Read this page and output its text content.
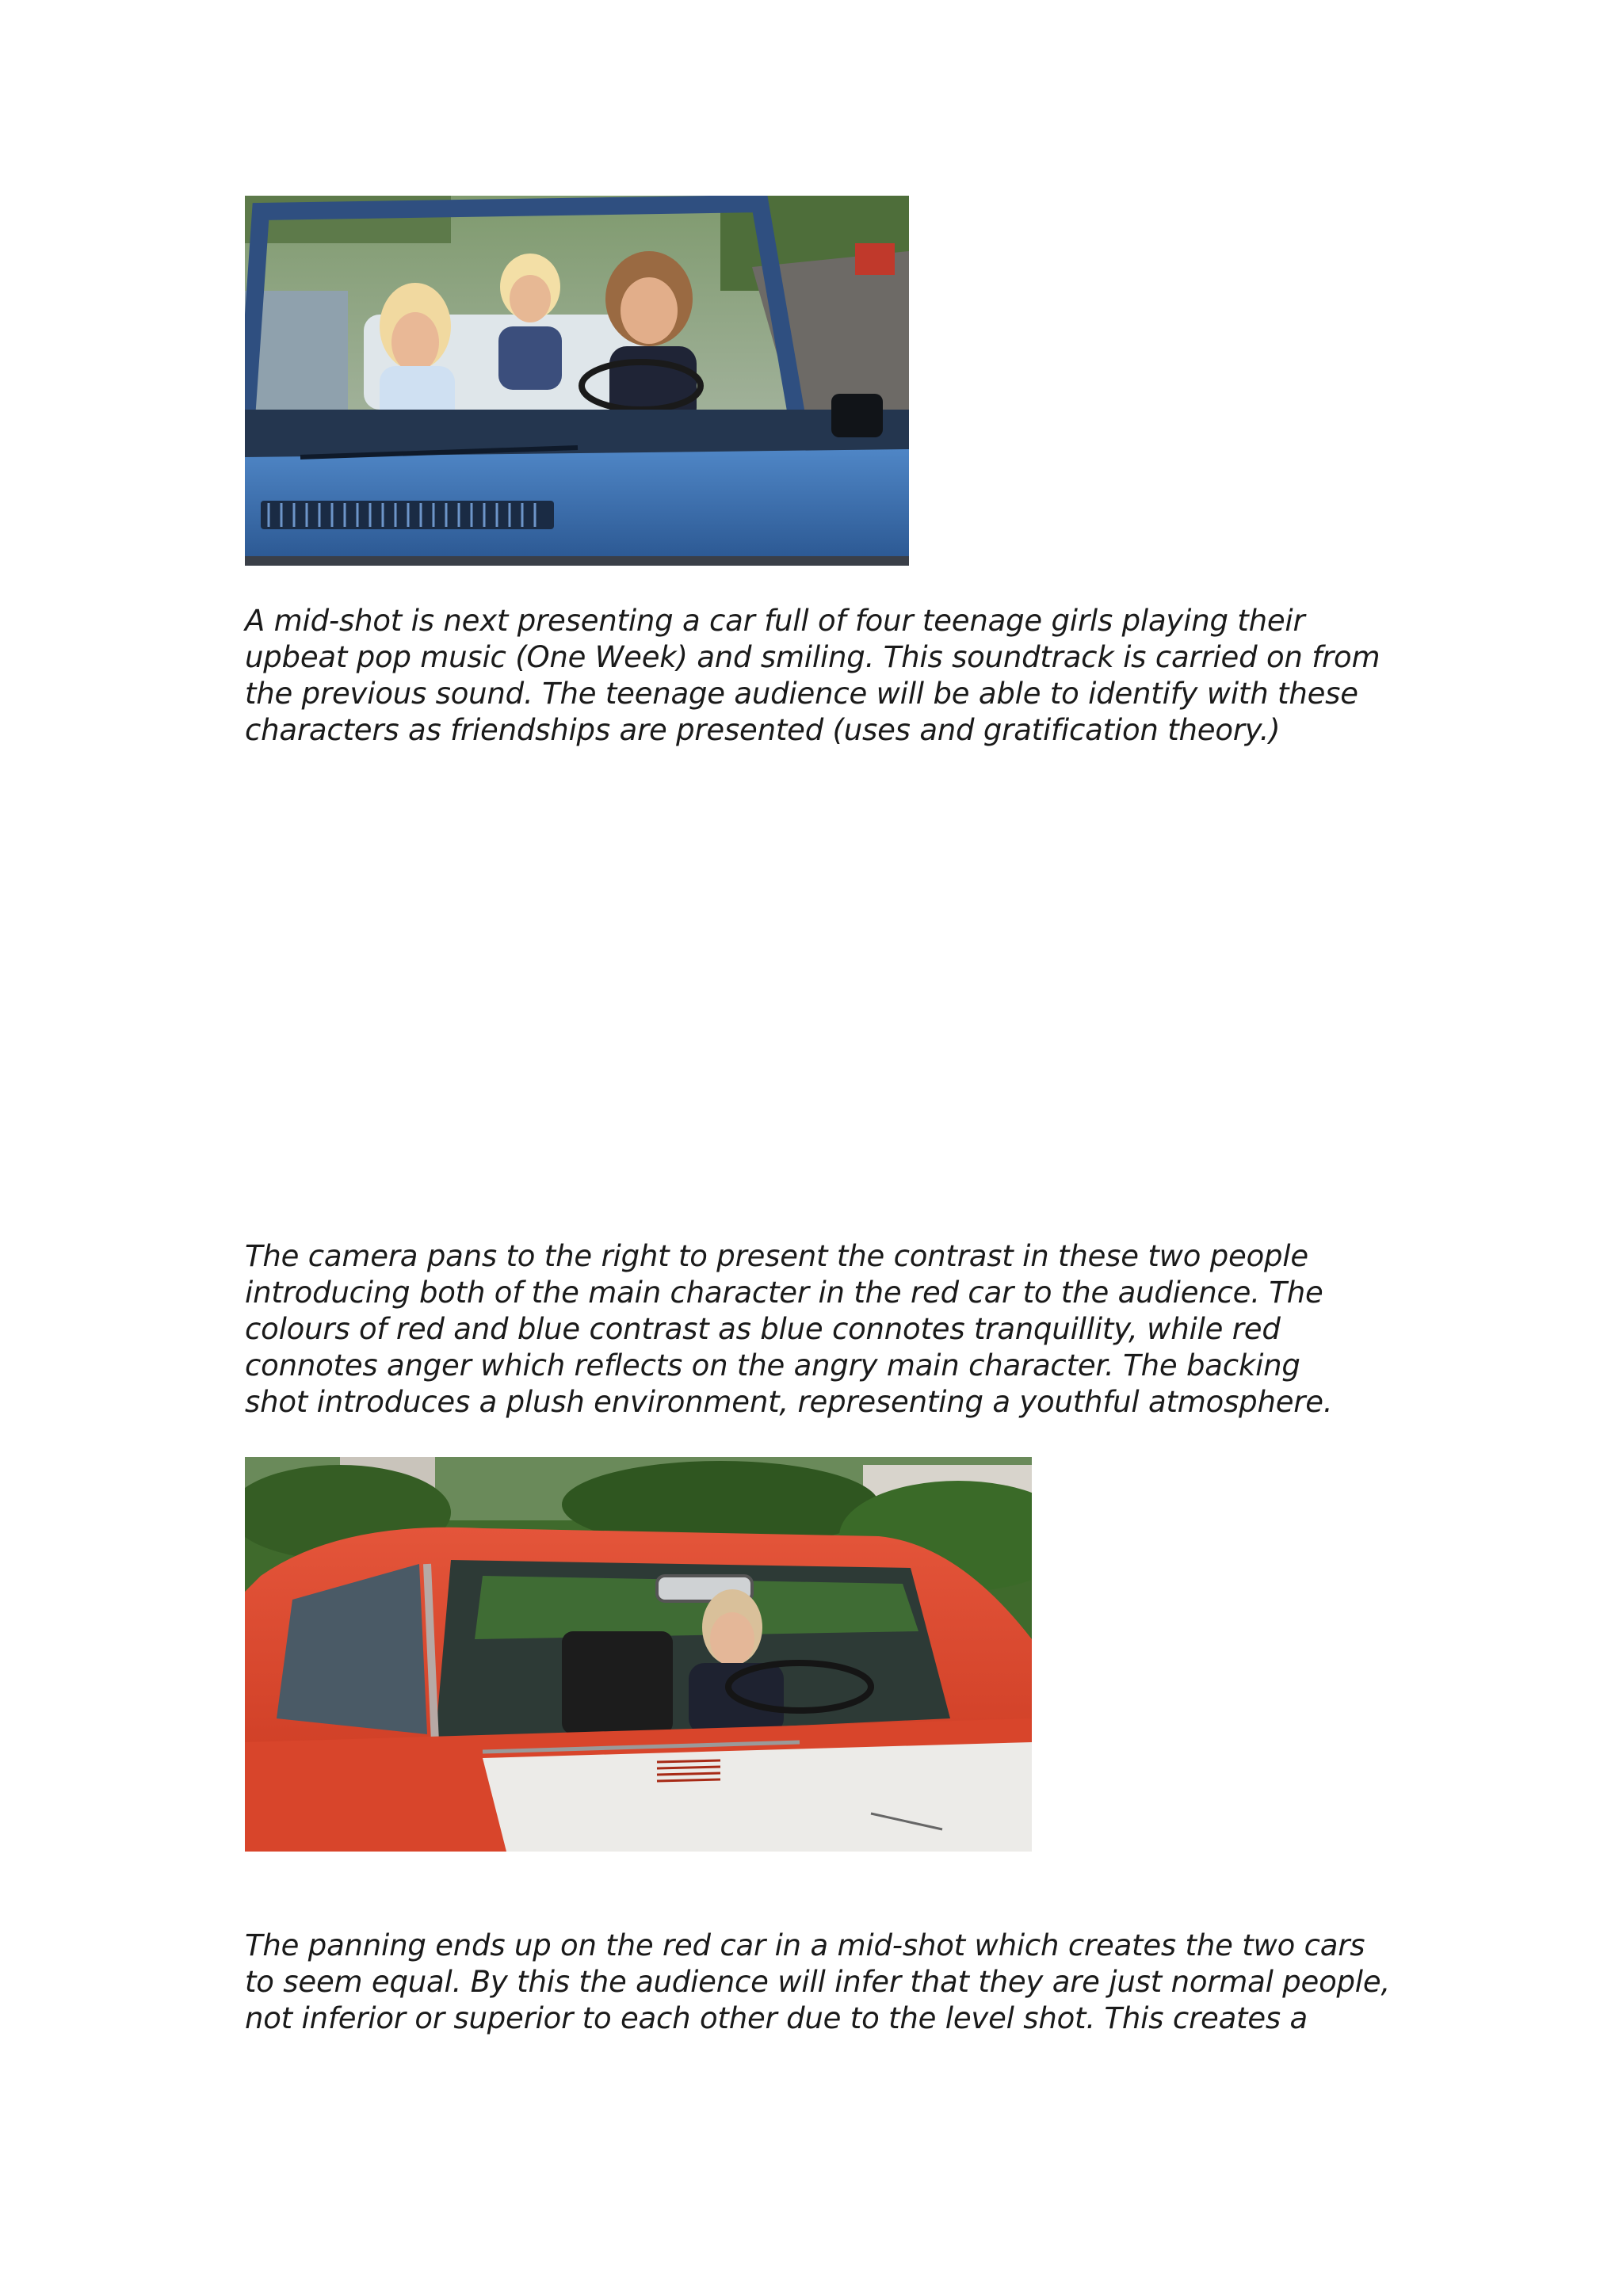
A mid-shot is next presenting a car full of four teenage girls playing their
upbeat pop music (One Week) and smiling. This soundtrack is carried on from
the previous sound. The teenage audience will be able to identify with these
characters as friendships are presented (uses and gratification theory.)

The camera pans to the right to present the contrast in these two people
introducing both of the main character in the red car to the audience. The
colours of red and blue contrast as blue connotes tranquillity, while red
connotes anger which reflects on the angry main character. The backing
shot introduces a plush environment, representing a youthful atmosphere.

The panning ends up on the red car in a mid-shot which creates the two cars
to seem equal. By this the audience will infer that they are just normal people,
not inferior or superior to each other due to the level shot. This creates a
